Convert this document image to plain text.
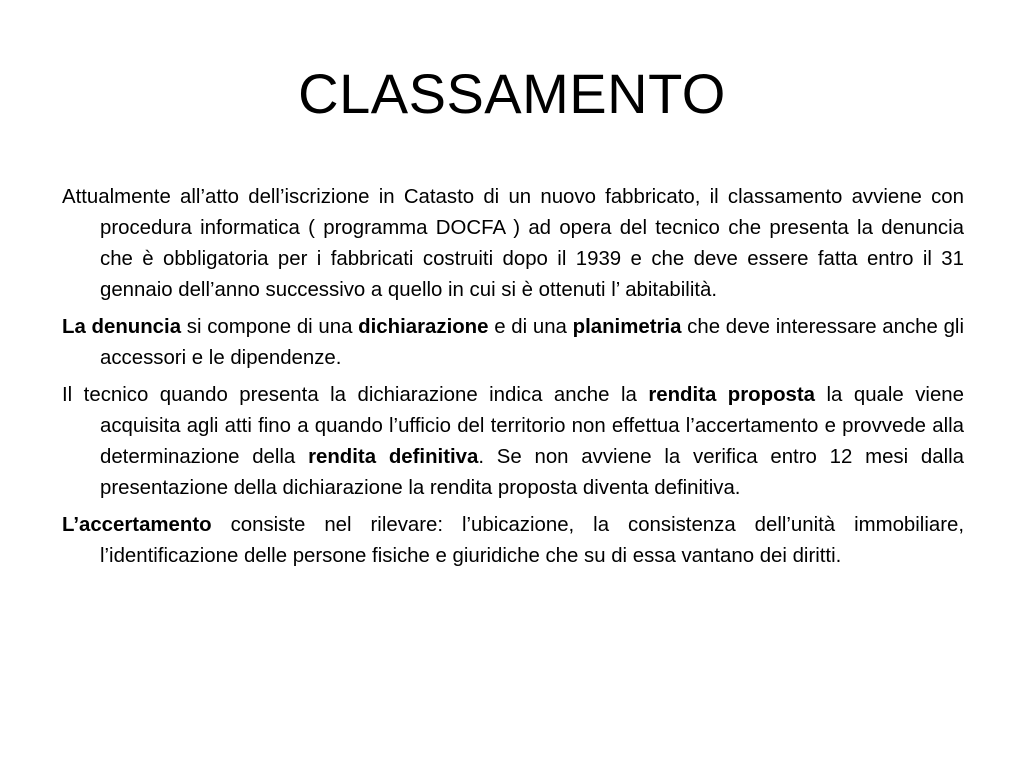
CLASSAMENTO

Attualmente all’atto dell’iscrizione in Catasto di un nuovo fabbricato, il classamento avviene con procedura informatica ( programma DOCFA ) ad opera del tecnico che presenta la denuncia che è obbligatoria per i fabbricati costruiti dopo il 1939 e che deve essere fatta entro il 31 gennaio dell’anno successivo a quello in cui si è ottenuti l’ abitabilità.

La denuncia si compone di una dichiarazione e di una planimetria che deve interessare anche gli accessori e le dipendenze.

Il tecnico quando presenta la dichiarazione indica anche la rendita proposta la quale viene acquisita agli atti fino a quando l’ufficio del territorio non effettua l’accertamento e provvede alla determinazione della rendita definitiva. Se non avviene la verifica entro 12 mesi dalla presentazione della dichiarazione la rendita proposta diventa definitiva.

L’accertamento consiste nel rilevare: l’ubicazione, la consistenza dell’unità immobiliare, l’identificazione delle persone fisiche e giuridiche che su di essa vantano dei diritti.
